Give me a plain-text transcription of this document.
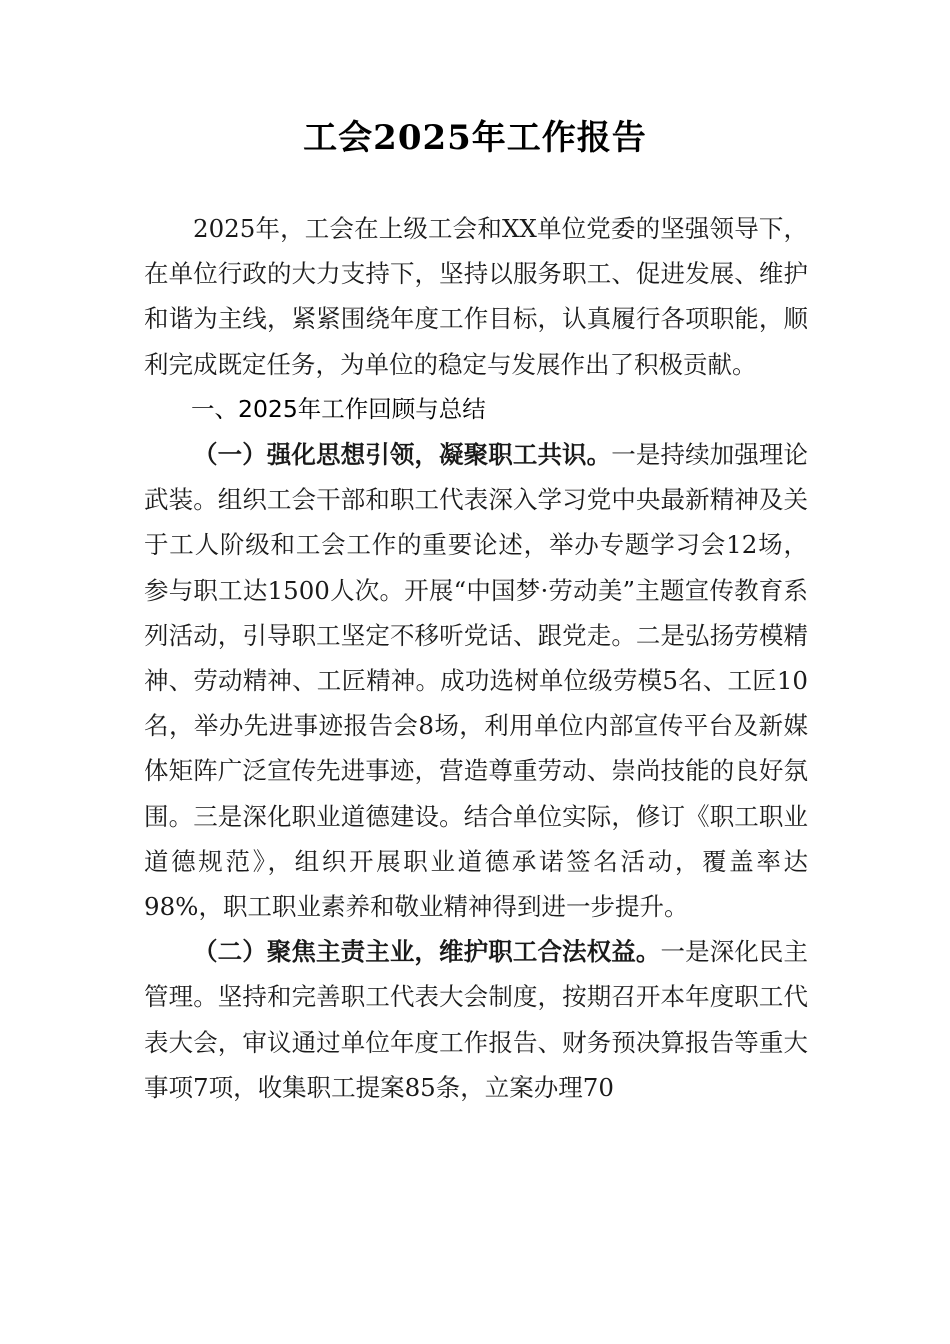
工会2025年工作报告

2025年，工会在上级工会和XX单位党委的坚强领导下，在单位行政的大力支持下，坚持以服务职工、促进发展、维护和谐为主线，紧紧围绕年度工作目标，认真履行各项职能，顺利完成既定任务，为单位的稳定与发展作出了积极贡献。

一、2025年工作回顾与总结

（一）强化思想引领，凝聚职工共识。一是持续加强理论武装。组织工会干部和职工代表深入学习党中央最新精神及关于工人阶级和工会工作的重要论述，举办专题学习会12场，参与职工达1500人次。开展“中国梦·劳动美”主题宣传教育系列活动，引导职工坚定不移听党话、跟党走。二是弘扬劳模精神、劳动精神、工匠精神。成功选树单位级劳模5名、工匠10名，举办先进事迹报告会8场，利用单位内部宣传平台及新媒体矩阵广泛宣传先进事迹，营造尊重劳动、崇尚技能的良好氛围。三是深化职业道德建设。结合单位实际，修订《职工职业道德规范》，组织开展职业道德承诺签名活动，覆盖率达98%，职工职业素养和敬业精神得到进一步提升。

（二）聚焦主责主业，维护职工合法权益。一是深化民主管理。坚持和完善职工代表大会制度，按期召开本年度职工代表大会，审议通过单位年度工作报告、财务预决算报告等重大事项7项，收集职工提案85条，立案办理70
